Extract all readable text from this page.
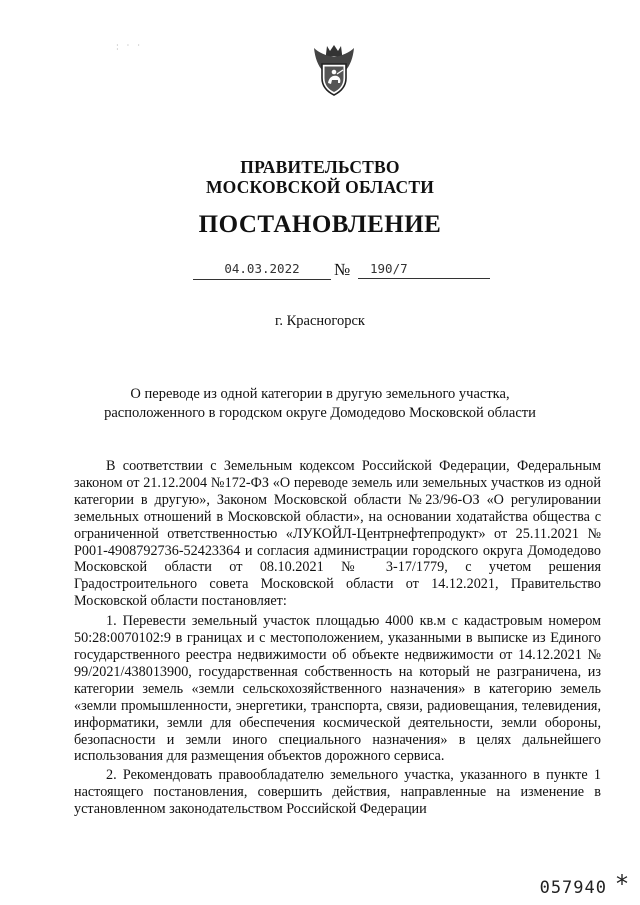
· · · ·
ПРАВИТЕЛЬСТВО
МОСКОВСКОЙ ОБЛАСТИ
ПОСТАНОВЛЕНИЕ
04.03.2022	№	190/7
г. Красногорск
О переводе из одной категории в другую земельного участка,
расположенного в городском округе Домодедово Московской области

В соответствии с Земельным кодексом Российской Федерации, Федеральным законом от 21.12.2004 №172-ФЗ «О переводе земель или земельных участков из одной категории в другую», Законом Московской области №23/96-ОЗ «О регулировании земельных отношений в Московской области», на основании ходатайства общества с ограниченной ответственностью «ЛУКОЙЛ-Центрнефтепродукт» от 25.11.2021 № Р001-4908792736-52423364 и согласия администрации городского округа Домодедово Московской области от 08.10.2021 № 3-17/1779, с учетом решения Градостроительного совета Московской области от 14.12.2021, Правительство Московской области постановляет:

1. Перевести земельный участок площадью 4000 кв.м с кадастровым номером 50:28:0070102:9 в границах и с местоположением, указанными в выписке из Единого государственного реестра недвижимости об объекте недвижимости от 14.12.2021 № 99/2021/438013900, государственная собственность на который не разграничена, из категории земель «земли сельскохозяйственного назначения» в категорию земель «земли промышленности, энергетики, транспорта, связи, радиовещания, телевидения, информатики, земли для обеспечения космической деятельности, земли обороны, безопасности и земли иного специального назначения» в целях дальнейшего использования для размещения объектов дорожного сервиса.

2. Рекомендовать правообладателю земельного участка, указанного в пункте 1 настоящего постановления, совершить действия, направленные на изменение в установленном законодательством Российской Федерации

057940 *
